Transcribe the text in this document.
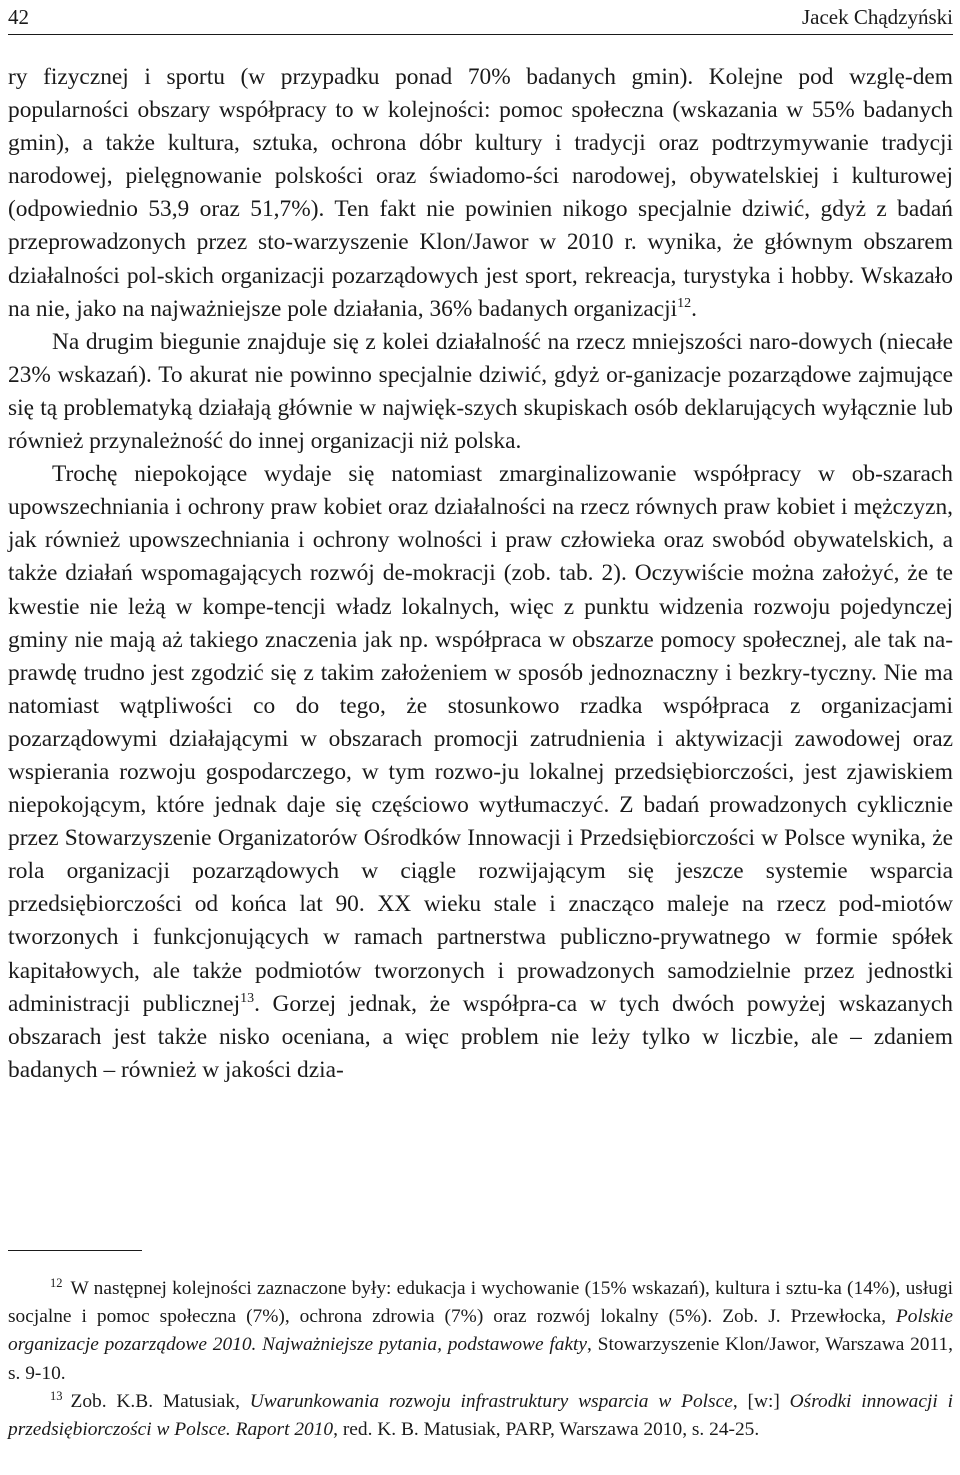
42	Jacek Chądzyński

ry fizycznej i sportu (w przypadku ponad 70% badanych gmin). Kolejne pod wzglę-dem popularności obszary współpracy to w kolejności: pomoc społeczna (wskazania w 55% badanych gmin), a także kultura, sztuka, ochrona dóbr kultury i tradycji oraz podtrzymywanie tradycji narodowej, pielęgnowanie polskości oraz świadomo-ści narodowej, obywatelskiej i kulturowej (odpowiednio 53,9 oraz 51,7%). Ten fakt nie powinien nikogo specjalnie dziwić, gdyż z badań przeprowadzonych przez sto-warzyszenie Klon/Jawor w 2010 r. wynika, że głównym obszarem działalności pol-skich organizacji pozarządowych jest sport, rekreacja, turystyka i hobby. Wskazało na nie, jako na najważniejsze pole działania, 36% badanych organizacji$^{12}$.

Na drugim biegunie znajduje się z kolei działalność na rzecz mniejszości naro-dowych (niecałe 23% wskazań). To akurat nie powinno specjalnie dziwić, gdyż or-ganizacje pozarządowe zajmujące się tą problematyką działają głównie w najwięk-szych skupiskach osób deklarujących wyłącznie lub również przynależność do innej organizacji niż polska.

Trochę niepokojące wydaje się natomiast zmarginalizowanie współpracy w ob-szarach upowszechniania i ochrony praw kobiet oraz działalności na rzecz równych praw kobiet i mężczyzn, jak również upowszechniania i ochrony wolności i praw człowieka oraz swobód obywatelskich, a także działań wspomagających rozwój de-mokracji (zob. tab. 2). Oczywiście można założyć, że te kwestie nie leżą w kompe-tencji władz lokalnych, więc z punktu widzenia rozwoju pojedynczej gminy nie mają aż takiego znaczenia jak np. współpraca w obszarze pomocy społecznej, ale tak na-prawdę trudno jest zgodzić się z takim założeniem w sposób jednoznaczny i bezkry-tyczny. Nie ma natomiast wątpliwości co do tego, że stosunkowo rzadka współpraca z organizacjami pozarządowymi działającymi w obszarach promocji zatrudnienia i aktywizacji zawodowej oraz wspierania rozwoju gospodarczego, w tym rozwo-ju lokalnej przedsiębiorczości, jest zjawiskiem niepokojącym, które jednak daje się częściowo wytłumaczyć. Z badań prowadzonych cyklicznie przez Stowarzyszenie Organizatorów Ośrodków Innowacji i Przedsiębiorczości w Polsce wynika, że rola organizacji pozarządowych w ciągle rozwijającym się jeszcze systemie wsparcia przedsiębiorczości od końca lat 90. XX wieku stale i znacząco maleje na rzecz pod-miotów tworzonych i funkcjonujących w ramach partnerstwa publiczno-prywatnego w formie spółek kapitałowych, ale także podmiotów tworzonych i prowadzonych samodzielnie przez jednostki administracji publicznej$^{13}$. Gorzej jednak, że współpra-ca w tych dwóch powyżej wskazanych obszarach jest także nisko oceniana, a więc problem nie leży tylko w liczbie, ale – zdaniem badanych – również w jakości dzia-

$^{12}$ W następnej kolejności zaznaczone były: edukacja i wychowanie (15% wskazań), kultura i sztu-ka (14%), usługi socjalne i pomoc społeczna (7%), ochrona zdrowia (7%) oraz rozwój lokalny (5%). Zob. J. Przewłocka, Polskie organizacje pozarządowe 2010. Najważniejsze pytania, podstawowe fakty, Stowarzyszenie Klon/Jawor, Warszawa 2011, s. 9-10.

$^{13}$ Zob. K.B. Matusiak, Uwarunkowania rozwoju infrastruktury wsparcia w Polsce, [w:] Ośrodki innowacji i przedsiębiorczości w Polsce. Raport 2010, red. K. B. Matusiak, PARP, Warszawa 2010, s. 24-25.
